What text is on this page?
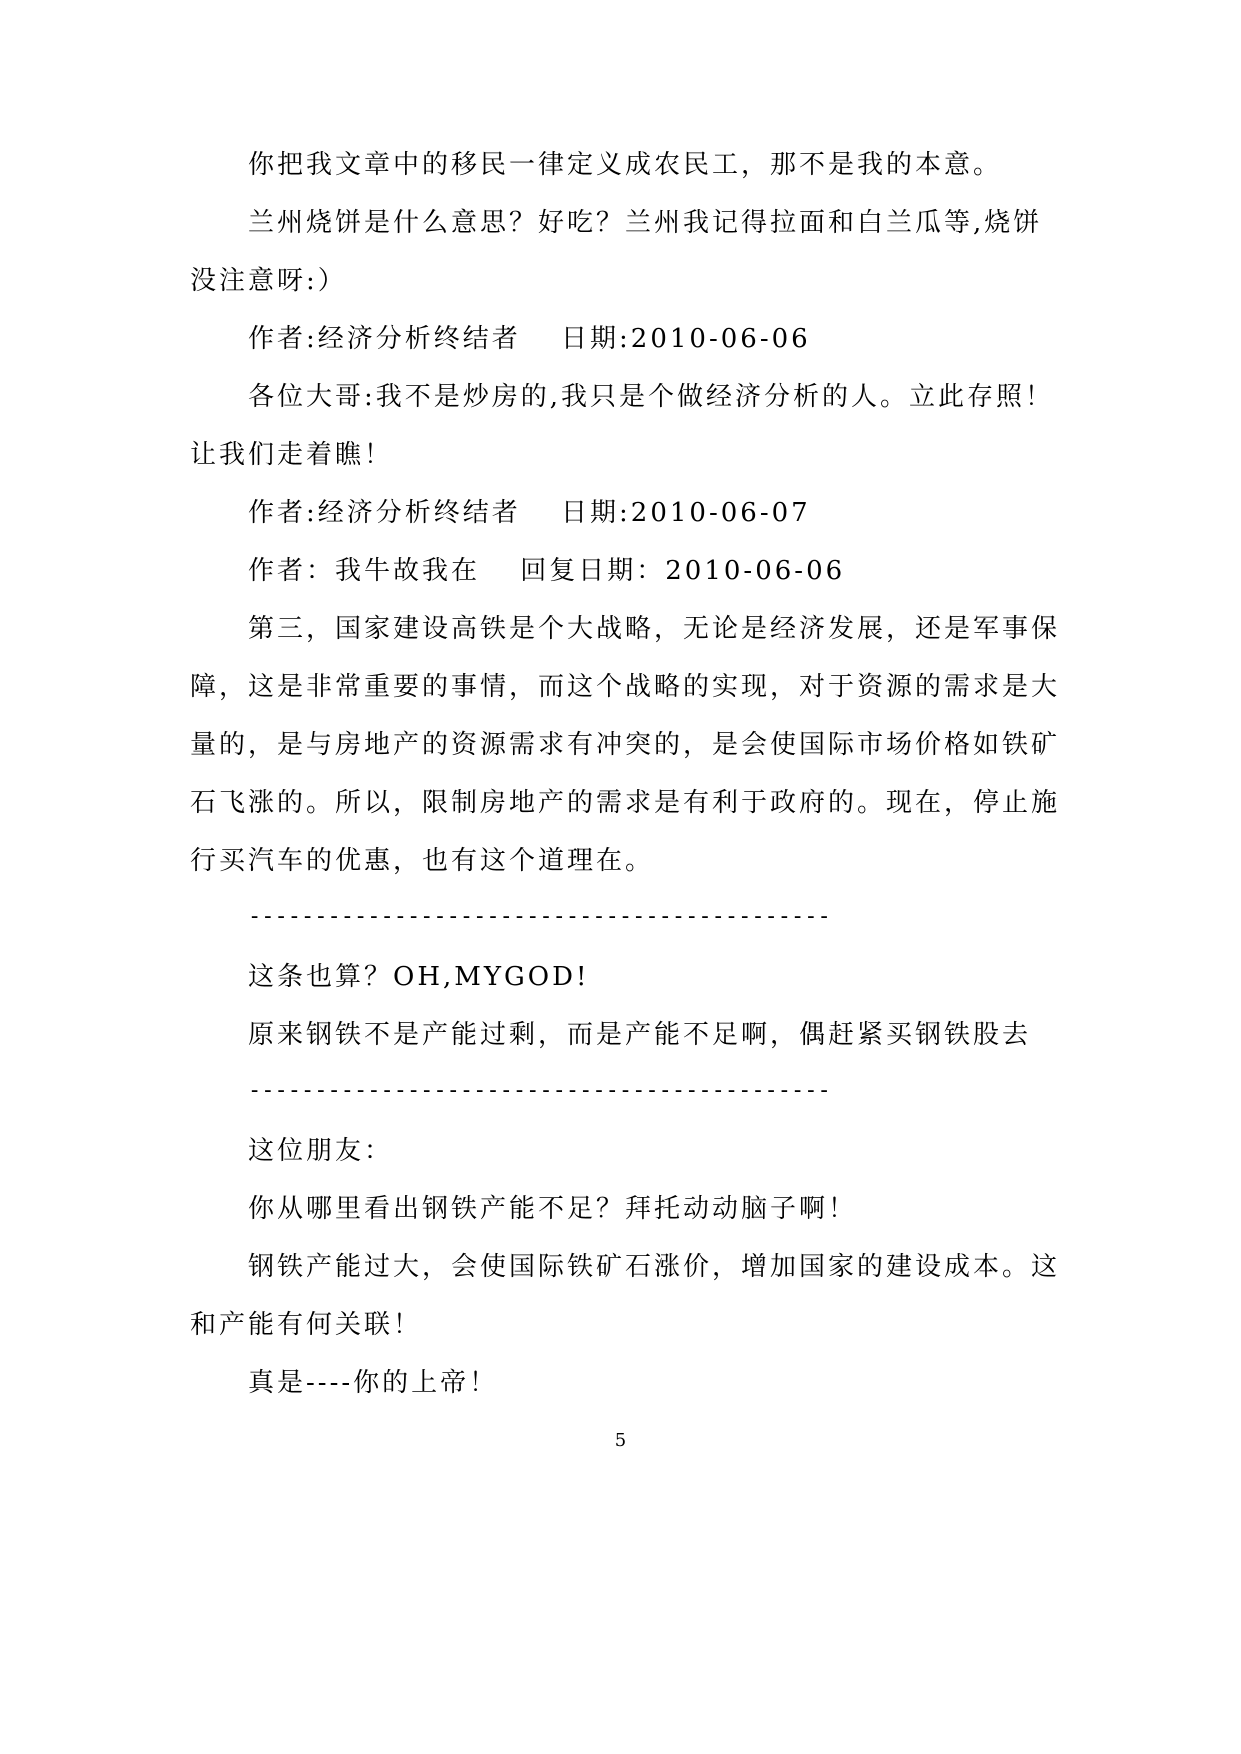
你把我文章中的移民一律定义成农民工，那不是我的本意。
兰州烧饼是什么意思？好吃？兰州我记得拉面和白兰瓜等,烧饼
没注意呀:）
作者:经济分析终结者　 日期:2010-06-06
各位大哥:我不是炒房的,我只是个做经济分析的人。立此存照！
让我们走着瞧！
作者:经济分析终结者　 日期:2010-06-07
作者：我牛故我在　 回复日期：2010-06-06
第三，国家建设高铁是个大战略，无论是经济发展，还是军事保
障，这是非常重要的事情，而这个战略的实现，对于资源的需求是大
量的，是与房地产的资源需求有冲突的，是会使国际市场价格如铁矿
石飞涨的。所以，限制房地产的需求是有利于政府的。现在，停止施
行买汽车的优惠，也有这个道理在。
--------------------------------------------
这条也算？OH,MYGOD!
原来钢铁不是产能过剩，而是产能不足啊，偶赶紧买钢铁股去
--------------------------------------------
这位朋友：
你从哪里看出钢铁产能不足？拜托动动脑子啊！
钢铁产能过大，会使国际铁矿石涨价，增加国家的建设成本。这
和产能有何关联！
真是----你的上帝！
5
